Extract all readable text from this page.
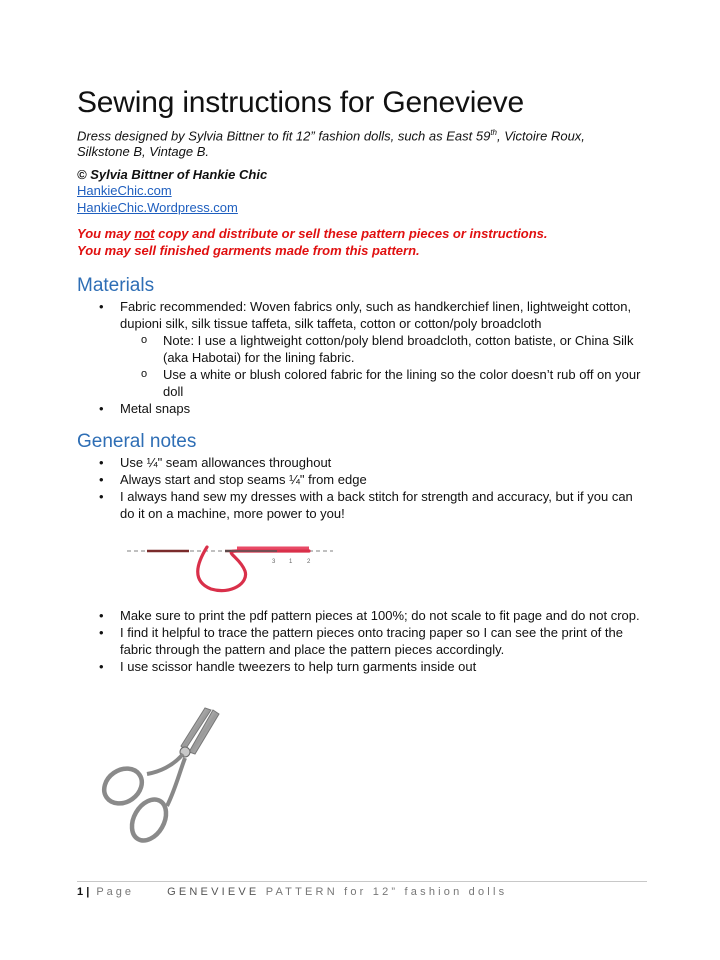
Sewing instructions for Genevieve

Dress designed by Sylvia Bittner to fit 12” fashion dolls, such as East 59th, Victoire Roux, Silkstone B, Vintage B.

© Sylvia Bittner of Hankie Chic

HankieChic.com
HankieChic.Wordpress.com

You may not copy and distribute or sell these pattern pieces or instructions.

You may sell finished garments made from this pattern.

Materials
• Fabric recommended: Woven fabrics only, such as handkerchief linen, lightweight cotton, dupioni silk, silk tissue taffeta, silk taffeta, cotton or cotton/poly broadcloth
o Note: I use a lightweight cotton/poly blend broadcloth, cotton batiste, or China Silk (aka Habotai) for the lining fabric.
o Use a white or blush colored fabric for the lining so the color doesn’t rub off on your doll
• Metal snaps
General notes
• Use ¼" seam allowances throughout
• Always start and stop seams ¼" from edge
• I always hand sew my dresses with a back stitch for strength and accuracy, but if you can do it on a machine, more power to you!
3 1 2
• Make sure to print the pdf pattern pieces at 100%; do not scale to fit page and do not crop.
• I find it helpful to trace the pattern pieces onto tracing paper so I can see the print of the fabric through the pattern and place the pattern pieces accordingly.
• I use scissor handle tweezers to help turn garments inside out
1 | Page	GENEVIEVE PATTERN for 12” fashion dolls
